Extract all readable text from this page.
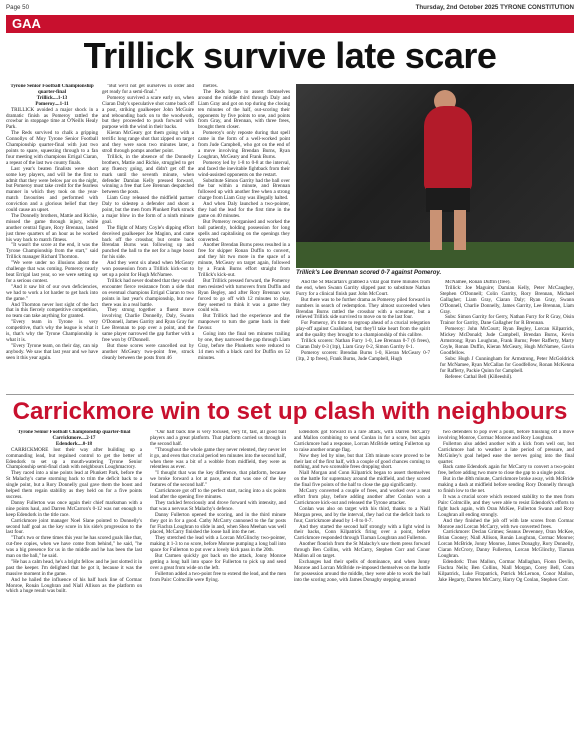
Page 50	Thursday, 2nd October 2025 TYRONE CONSTITUTION
GAA
Trillick survive late scare

Tyrone Senior Football Championship quarter-final

Trillick....1-13

Pomeroy....1-11

TRILLICK avoided a major shock in a dramatic finish as Pomeroy rattled the crowbar in stoppage time at O'Neills Healy Park.

The Reds survived to chalk a gripping Connollys of Moy Tyrone Senior Football Championship quarter-final with just two points to spare, squeezing through to a fan four meeting with champions Errigal Ciaran, a repeat of the last two county finals.

Last year's beaten finalists were short some key players, and will be the first to admit that they were below par on the night, but Pomeroy must take credit for the fearless manner in which they took on the year-match favourites and performed with conviction and a glorious belief that they could cause an upset.

The Donnelly brothers, Mattie and Richie, missed the game through injury, while another central figure, Rory Brennan, lasted just three quarters of an hour as he worked his way back to match fitness.

"It wasn't the score at the end, it was the Tyrone Championship from the start," said Trillick manager Richard Thornton.

"We were under no illusions about the challenge that was coming. Pomeroy nearly beat Errigal last year, so we were setting up for a serious contest.

"And it saw bit of our own deficiencies, we had to work a lot harder to get back into the game."

And Thornton never lost sight of the fact that in this fiercely competitive competition, no team can take anything for granted.

"Every team in Tyrone is very competitive, that's why the league is what it is, that's why the Tyrone Championship is what it is.

"Every Tyrone team, on their day, can nip anybody. We saw that last year and we have seen it this year again.

"But we'll not get ourselves in order and get ready for a semi-final."

Pomeroy survived a scare early on, when Ciaran Daly's speculative shot came back off a post, striking goalkeeper John McGuire and rebounding back on to the woodwork, but they proceeded to push forward with purpose with the wind in their backs.

Kieran McGeary got them going with a terrific long range shot that zipped on target and they were soon two minutes later, a stroll through pomps another point.

Trillick, in the absence of the Donnelly brothers, Mattie and Richie, struggled to get any fluency going, and didn't get off the mark until the seventh minute, when defender Damian Kelly pressed forward, winning a free that Lee Brennan despatched between the posts.

Liam Gray released the midfield partner Daly to sidestep a defender and shoot a point, but the men from Plunkett Park struck a major blow in the form of a ninth minute goal.

The flight of Marty Coyle's dipping effort deceived goalkeeper Joe Maginn, and came back off the crossbar, but centre back Brendan Burns was following up and punched the ball to the net for a huge boost for his side.

And they went six ahead when McGeary won possession from a Trillick kick-out to set up a point for Hugh McNamee.

Trillick had never doubted that they would encounter fierce resistance from a side that on eventual champions Errigal Ciaran to two points in last year's championship, but now there was in a real battle.

They strung together a fluent move involving Charlie Donnelly, Daly, Swann O'Donnell, James Garrity and Ryan Gray for Lee Brennan to pop over a point, and the same player narrowed the gap further with a free won by O'Donnell.

But those scores were cancelled out by another McGeary two-point free, struck cleanly between the posts from 46

metres.

The Reds began to assert themselves around the middle third through Daly and Liam Gray and got on top during the closing ten minutes of the half, out-scoring their opponents by five points to one, and points from Gray, and Brennan, with three frees, brought them closer.

Pomeroy's only reposte during that spell came in the form of a well-worked point from Jude Campbell, who got on the end of a move involving Brendan Burns, Ryan Loughran, McGeary and Frank Burns.

Pomeroy led by 1-8 to 0-8 at the interval, and faced the inevitable fightback from their wind-assisted opponents on the restart.

Substitute Simon Garrity had the ball over the bar within a minute, and Brennan followed up with another free when a strong charge from Liam Gray was illegally halted.

And when Daly launched a two-pointer, they had the lead for the first time in the game on 40 minutes.

But Pomeroy reorganised and worked the ball patiently, holding possession for long spells and capitalising on the openings they converted.

Another Brendan Burns press resulted in a free for skipper Ronan Duffin to convert, and they hit two more in the space of a minute, McGeary on target again, followed by a Frank Burns effort straight from Trillick's kick-out.

But Trillick pressed forward, the Pomeroy men resisted with turnovers from Duffin and Ryan Begley, and after Rory Brennan was forced to go off with 12 minutes to play, they seemed to think it was a game they could win.

But Trillick had the experience and the manpower to turn the game back in their favour.

Going into the final ten minutes trailing by one, they narrowed the gap through Liam Gray, before the Plunketts were reduced to 14 men with a black card for Duffin on 52 minutes.

Trillick's Lee Brennan scored 0-7 against Pomeroy.

And the St Macartan's grabbed a vital goal three minutes from the end, when Swann Garrity slipped past to substitute Nathan Furry for a clinical finish past John McCourt.

But there was to be further drama as Pomeroy piled forward in numbers in search of redemption. They almost succeeded when Brendan Burns rattled the crossbar with a screamer, but a relieved Trillick side survived to move on to the last four.

For Pomeroy, it's time to regroup ahead of a crucial relegation play-off against Coalisland, but they'll take heart from the spirit and the quality they brought to a championship of this calibre.

Trillick scorers: Nathan Furry 1-0, Lee Brennan 0-7 (6 frees), Ciaran Daly 0-3 (1tp), Liam Gray 0-2, Simon Garrity 0-1.

Pomeroy scorers: Brendan Burns 1-0, Kieran McGeary 0-7 (1tp, 2 tp frees), Frank Burns, Jude Campbell, Hugh

McNamee, Ronan Duffin (free).

Trillick: Joe Maguire; Damian Kelly, Peter McCaughey, Stephen O'Donnell; Colin Garrity, Rory Brennan, Michael Gallagher; Liam Gray, Ciaran Daly; Ryan Gray, Swann O'Donnell, Charlie Donnelly, James Garrity, Lee Brennan, Liam Gray.

Subs: Simon Garrity for Gerry, Nathan Furry for R Gray, Oisin Trainor for Garrity, Dane Gallagher for R Brennan.

Pomeroy: John McCourt; Ryan Begley, Lorcan Kilpatrick, Mickey McDonald; Jude Campbell, Brendan Burns, Kevin Armstrong; Ryan Loughran, Frank Burns; Peter Rafferty, Marty Coyle, Ronan Duffin, Kieran McGeary, Hugh McNamee, Gavin Goodfellow.

Subs: Hugh J Cunningham for Armstrong, Peter McGoldrick for McNamee, Ryan McCallan for Goodfellow, Ronan McKenna for Rafferty, Packie Quinn for Campbell.

Referee: Cathal Bell (Killeeshil).

Carrickmore win to set up clash with neighbours

Tyrone Senior Football Championship quarter-final

Carrickmore....2-17

Edendork....0-18

CARRICKMORE lost their way after building up a commanding lead, but regained control to get the better of Edendork to set up a mouth-watering Tyrone Senior Championship semi-final clash with neighbours Loughmacrory.

They raced into a nine points lead at Plunkett Park, before the St Malachy's came storming back to trim the deficit back to a single point, but a Rory Donnelly goal gave them the boost and helped them regain stability as they held on for a five points success.

Danny Fullerton was once again their chief marksman with a nine points haul, and Darren McCarron's 0-12 was not enough to keep Edendork in the title race.

Carrickmore joint manager Noel Slane pointed to Donnelly's second half goal as the key score in his side's progression to the last four.

"That's two or three times this year he has scored goals like that, cut-free copies, when we have come from behind," he said, "he was a big presence for us in the middle and he has been the last man on the ball," he said.

"He has a calm head, he's a bright fellow and he just slotted it in past the keeper. I'm delighted that he got it, because it was the massive moment in the game.

And he hailed the influence of his half back line of Cormac Monroe, Ronán Loughran and Niall Allison as the platform on which a huge result was built.

"Our half back line is very focused, very fit, fast, all good ball players and a great platform. That platform carried us through in the second half.

"Throughout the whole game they never relented, they never let it go, and even that crucial period ten minutes into the second half, when there was a bit of a wobble from midfield, they were as relentless as ever.

"I thought that was the key difference, that platform, because we broke forward a lot at pace, and that was one of the key features of the second half."

Carrickmore got off to the perfect start, racing into a six points lead after the opening five minutes.

They tackled ferociously and drove forward with intensity, and that was a nervous St Malachy's defence.

Danny Fullerton opened the scoring, and in the third minute they got in for a good. Cathy McCarry cannoned to the far posts for Fiachra Loughran to slide in and, when Shea Meehan was well placed, McCarry finished the loose ball into the net.

They stretched the lead with a Lorcan McGlinchy two-pointer, making it 1-3 to no score, before Monroe pumping a long ball into space for Fullerton to put over a lovely kick pass in the 20th.

But Carmen quickly got back on the attack, Jonny Monroe getting a long ball into space for Fullerton to pick up and send over a great from wide on the left.

Fullerton added a two-point free to extend the lead, and the men from Pairc Colmcille were flying.

Edendork got forward in a rare attack, with Darren McCarry and Mallon combining to send Conlan in for a score, but again Carrickmore had a response, Lorcan McBride setting Fullerton up to raise another orange flag.

Now they led by nine, but that 13th minute score proved to be their last of the first half, with a couple of good chances coming to nothing, and two scoreable frees dropping short.

Niall Morgan and Conn Kilpatrick began to assert themselves on the battle for supremacy around the midfield, and they scored the final five points of the half to close the gap significantly.

McCarry converted a couple of frees, and worked over a neat effort from play, before adding another after Conlan won a Carrickmore kick-out and released the Tyrone attacker.

Conlan was also on target with his third, thanks to a Niall Morgan press, and by the interval, they had cut the deficit back to four, Carrickmore ahead by 1-8 to 0-7.

And they started the second half strongly with a light wind in their backs, Conn Kilpatrick firing over a point, before Carrickmore responded through Tiarnan Loughran and Fullerton.

Another flourish from the St Malachy's saw them press forward through Ben Collins, with McCarry, Stephen Corr and Conor Mallon all on target.

Exchanges had their spells of dominance, and when Jonny Monroe and Lorcan McBride re-imposed themselves on the battle for possession around the middle, they were able to work the ball into the scoring zone, with James Donaghy stepping around

two defenders to pop over a point, before finishing off a move involving Monroe, Cormac Monroe and Rory Loughran.

Fullerton also added another with a kick from well out, but Carrickmore had to weather a late period of pressure, and McGinley's goal helped ease the nerves going into the final quarter.

Back came Edendork again for McCarry to convert a two-point free, before adding two more to close the gap to a single point.

But in the 48th minute, Carrickmore broke away, with McBride making a dash at midfield before sending Rory Donnelly through to finish low to the net.

It was a crucial score which restored stability to the men from Pairc Colmcille, and they were able to resist Edendork's efforts to fight back again, with Oran McKee, Fullerton Swann and Rory Loughran all ending strongly.

And they finished the job off with late scores from Cormac Monroe and Lorcan McCarry, with two converted frees.

Carrickmore: Declan Grimes; Seanus Devenney, Oran McKee, Brian Cooney; Niall Allison, Ronán Loughran, Cormac Monroe; Lorcan McBride, Jonny Monroe, James Donaghy, Rory Donnelly, Ciaran McCrory, Danny Fullerton, Lorcan McGlinchy, Tiarnan Loughran.

Edendork: Thos Mallon, Cormac Mallaghan, Fionn Devlin, Fiachra Neils; Ben Collins, Niall Morgan, Corey Bell, Conn Kilpatrick, Luke Fitzpatrick, Patrick McLernon, Conor Mallon, Jake Hegarty, Darren McCarry, Harry Og Conlan, Stephen Corr.
